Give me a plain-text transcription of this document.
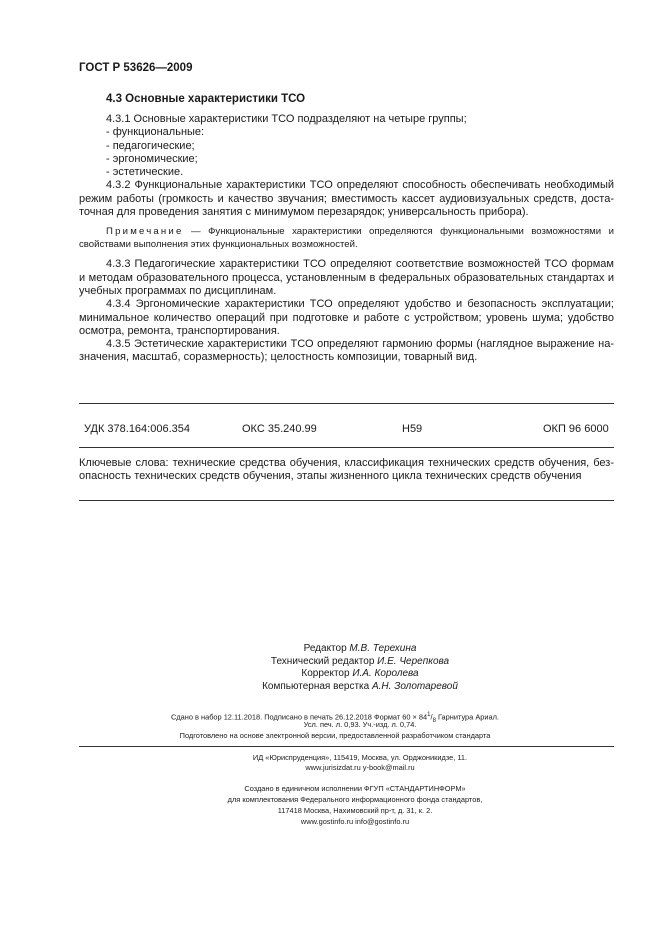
ГОСТ Р 53626—2009
4.3 Основные характеристики ТСО

4.3.1 Основные характеристики ТСО подразделяют на четыре группы;

- функциональные:

- педагогические;

- эргономические;

- эстетические.

4.3.2 Функциональные характеристики ТСО определяют способность обеспечивать необходимый режим работы (громкость и качество звучания; вместимость кассет аудиовизуальных средств, доста-точная для проведения занятия с минимумом перезарядок; универсальность прибора).

Примечание — Функциональные характеристики определяются функциональными возможностями и свойствами выполнения этих функциональных возможностей.

4.3.3 Педагогические характеристики ТСО определяют соответствие возможностей ТСО формам и методам образовательного процесса, установленным в федеральных образовательных стандартах и учебных программах по дисциплинам.

4.3.4 Эргономические характеристики ТСО определяют удобство и безопасность эксплуатации; минимальное количество операций при подготовке и работе с устройством; уровень шума; удобство осмотра, ремонта, транспортирования.

4.3.5 Эстетические характеристики ТСО определяют гармонию формы (наглядное выражение на-значения, масштаб, соразмерность); целостность композиции, товарный вид.

УДК 378.164:006.354	ОКС 35.240.99	Н59	ОКП 96 6000
Ключевые слова: технические средства обучения, классификация технических средств обучения, без-опасность технических средств обучения, этапы жизненного цикла технических средств обучения
Редактор М.В. Терехина
Технический редактор И.Е. Черепкова
Корректор И.А. Королева
Компьютерная верстка А.Н. Золотаревой
Сдано в набор 12.11.2018. Подписано в печать 26.12.2018 Формат $60 \times 84^1/_8$ Гарнитура Ариал.
Усл. печ. л. 0,93. Уч.-изд. л. 0,74.
Подготовлено на основе электронной версии, предоставленной разработчиком стандарта
ИД «Юриспруденция», 115419, Москва, ул. Орджоникидзе, 11.
www.jurisizdat.ru y-book@mail.ru
Создано в единичном исполнении ФГУП «СТАНДАРТИНФОРМ»
для комплектования Федерального информационного фонда стандартов,
117418 Москва, Нахимовский пр-т, д. 31, к. 2.
www.gostinfo.ru info@gostinfo.ru
